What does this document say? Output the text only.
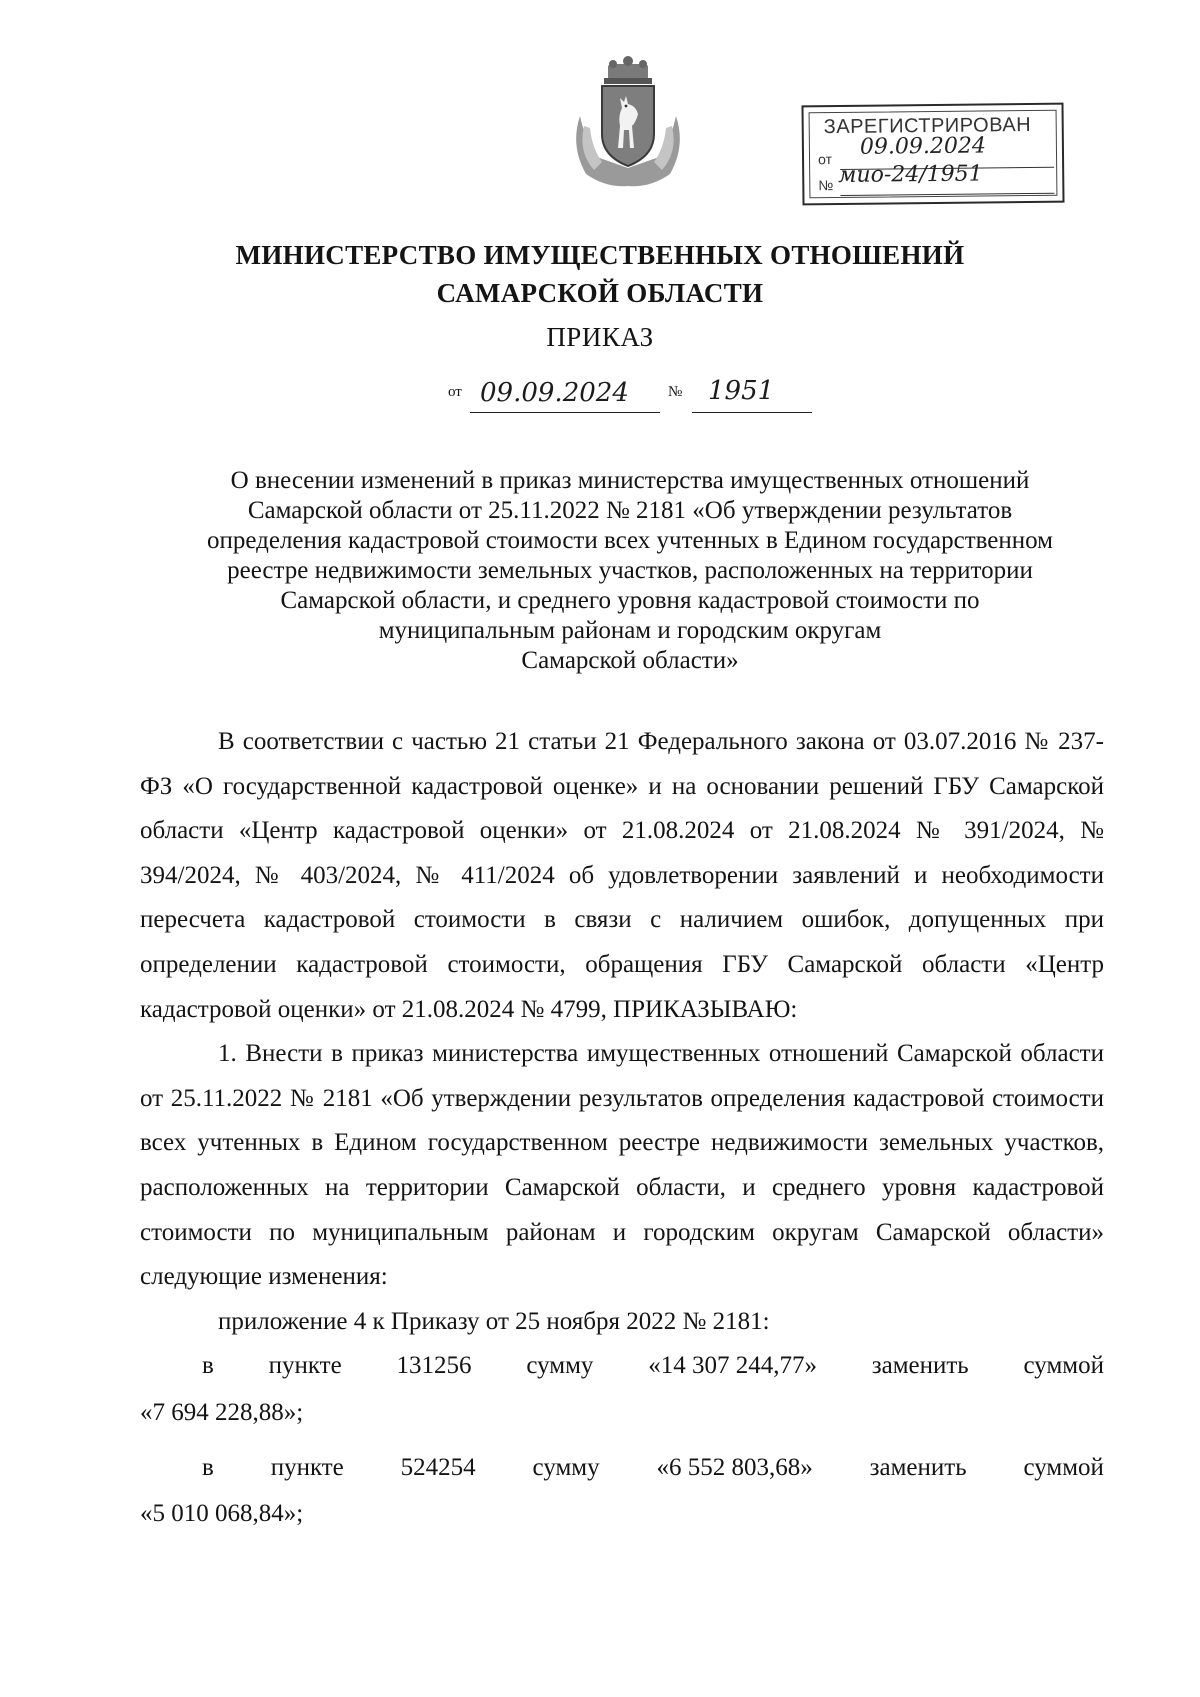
ЗАРЕГИСТРИРОВАН
от 09.09.2024
№ мио-24/1951
МИНИСТЕРСТВО ИМУЩЕСТВЕННЫХ ОТНОШЕНИЙ
САМАРСКОЙ ОБЛАСТИ
ПРИКАЗ
от 09.09.2024	№ 1951
О внесении изменений в приказ министерства имущественных отношений
Самарской области от 25.11.2022 № 2181 «Об утверждении результатов
определения кадастровой стоимости всех учтенных в Едином государственном
реестре недвижимости земельных участков, расположенных на территории
Самарской области, и среднего уровня кадастровой стоимости по
муниципальным районам и городским округам
Самарской области»

В соответствии с частью 21 статьи 21 Федерального закона от 03.07.2016 № 237-ФЗ «О государственной кадастровой оценке» и на основании решений ГБУ Самарской области «Центр кадастровой оценки» от 21.08.2024 от 21.08.2024 № 391/2024, № 394/2024, № 403/2024, № 411/2024 об удовлетворении заявлений и необходимости пересчета кадастровой стоимости в связи с наличием ошибок, допущенных при определении кадастровой стоимости, обращения ГБУ Самарской области «Центр кадастровой оценки» от 21.08.2024 № 4799, ПРИКАЗЫВАЮ:

1. Внести в приказ министерства имущественных отношений Самарской области от 25.11.2022 № 2181 «Об утверждении результатов определения кадастровой стоимости всех учтенных в Едином государственном реестре недвижимости земельных участков, расположенных на территории Самарской области, и среднего уровня кадастровой стоимости по муниципальным районам и городским округам Самарской области» следующие изменения:

приложение 4 к Приказу от 25 ноября 2022 № 2181:

в пункте 131256 сумму «14 307 244,77» заменить суммой

«7 694 228,88»;

в пункте 524254 сумму «6 552 803,68» заменить суммой

«5 010 068,84»;
